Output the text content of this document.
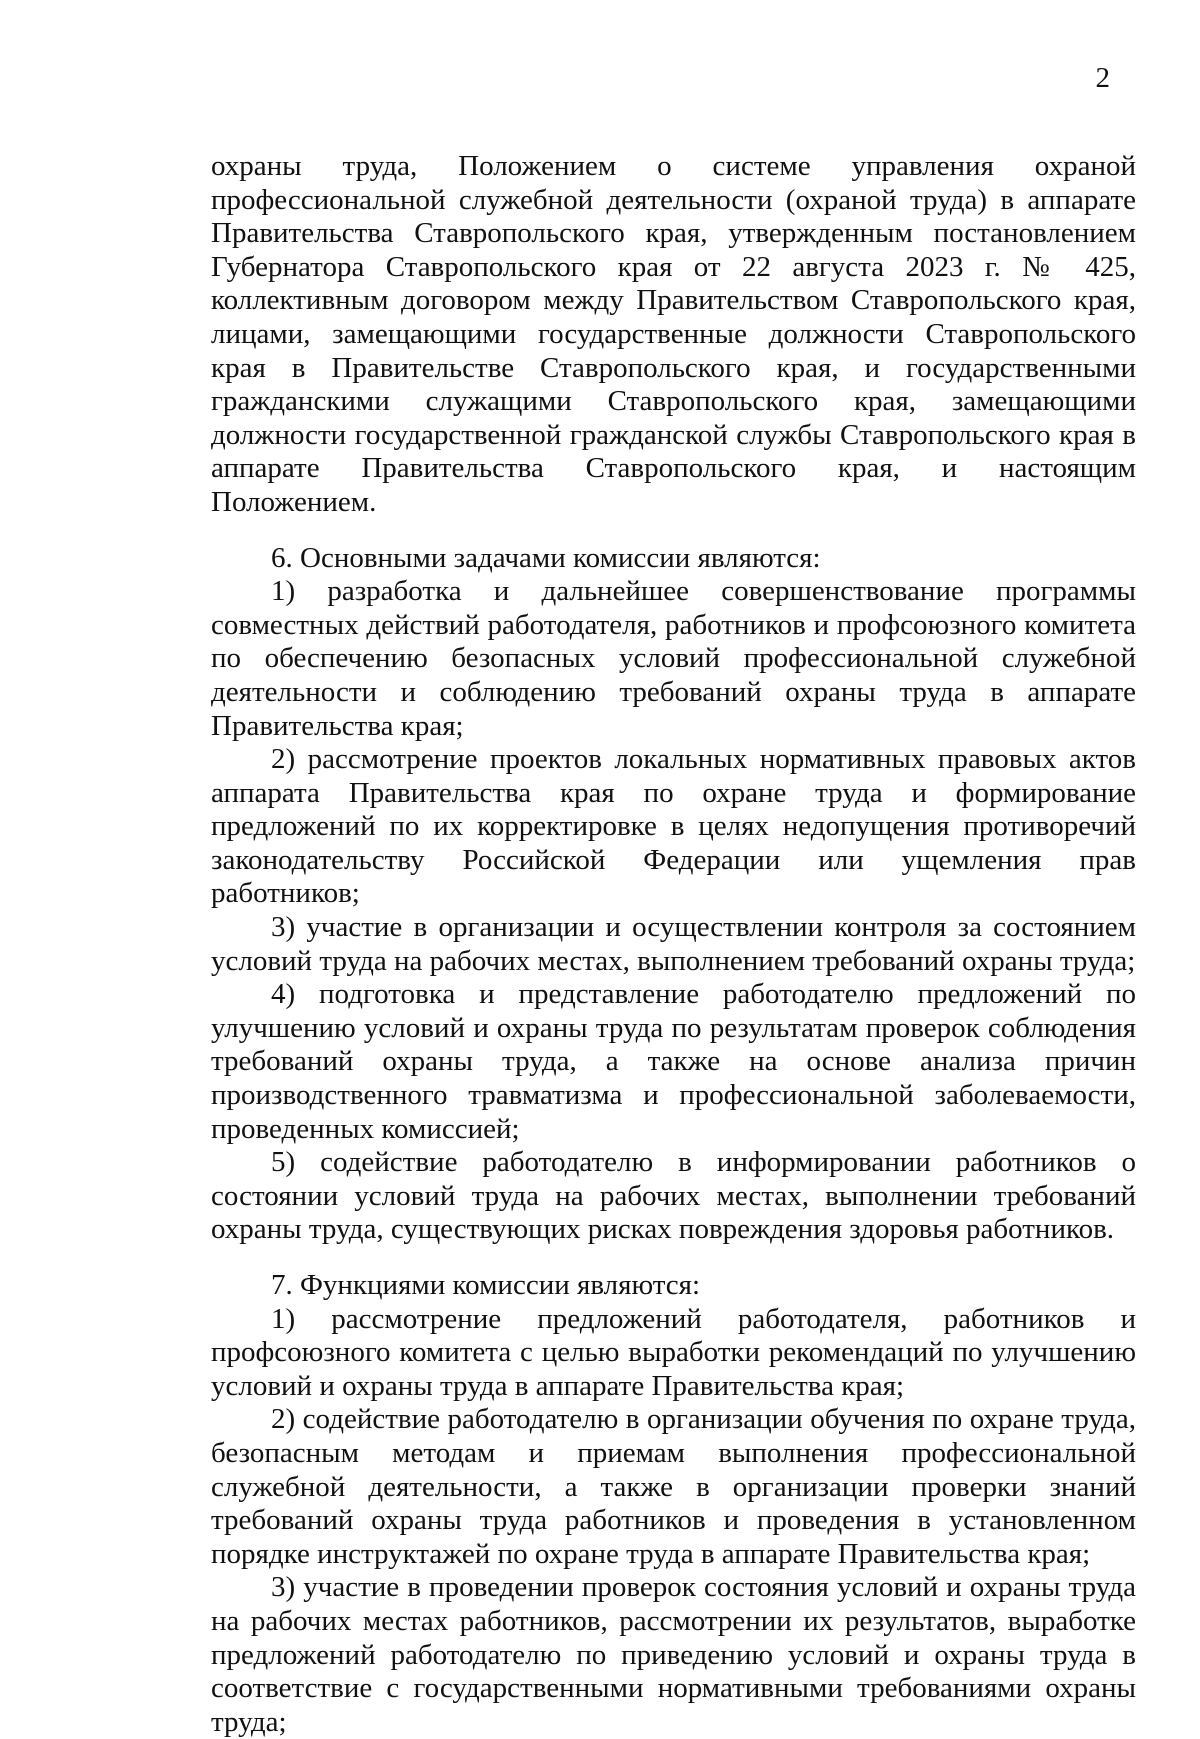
2

охраны труда, Положением о системе управления охраной профессиональной служебной деятельности (охраной труда) в аппарате Правительства Ставропольского края, утвержденным постановлением Губернатора Ставропольского края от 22 августа 2023 г. № 425, коллективным договором между Правительством Ставропольского края, лицами, замещающими государственные должности Ставропольского края в Правительстве Ставропольского края, и государственными гражданскими служащими Ставропольского края, замещающими должности государственной гражданской службы Ставропольского края в аппарате Правительства Ставропольского края, и настоящим Положением.

6. Основными задачами комиссии являются:

1) разработка и дальнейшее совершенствование программы совместных действий работодателя, работников и профсоюзного комитета по обеспечению безопасных условий профессиональной служебной деятельности и соблюдению требований охраны труда в аппарате Правительства края;

2) рассмотрение проектов локальных нормативных правовых актов аппарата Правительства края по охране труда и формирование предложений по их корректировке в целях недопущения противоречий законодательству Российской Федерации или ущемления прав работников;

3) участие в организации и осуществлении контроля за состоянием условий труда на рабочих местах, выполнением требований охраны труда;

4) подготовка и представление работодателю предложений по улучшению условий и охраны труда по результатам проверок соблюдения требований охраны труда, а также на основе анализа причин производственного травматизма и профессиональной заболеваемости, проведенных комиссией;

5) содействие работодателю в информировании работников о состоянии условий труда на рабочих местах, выполнении требований охраны труда, существующих рисках повреждения здоровья работников.

7. Функциями комиссии являются:

1) рассмотрение предложений работодателя, работников и профсоюзного комитета с целью выработки рекомендаций по улучшению условий и охраны труда в аппарате Правительства края;

2) содействие работодателю в организации обучения по охране труда, безопасным методам и приемам выполнения профессиональной служебной деятельности, а также в организации проверки знаний требований охраны труда работников и проведения в установленном порядке инструктажей по охране труда в аппарате Правительства края;

3) участие в проведении проверок состояния условий и охраны труда на рабочих местах работников, рассмотрении их результатов, выработке предложений работодателю по приведению условий и охраны труда в соответствие с государственными нормативными требованиями охраны труда;
